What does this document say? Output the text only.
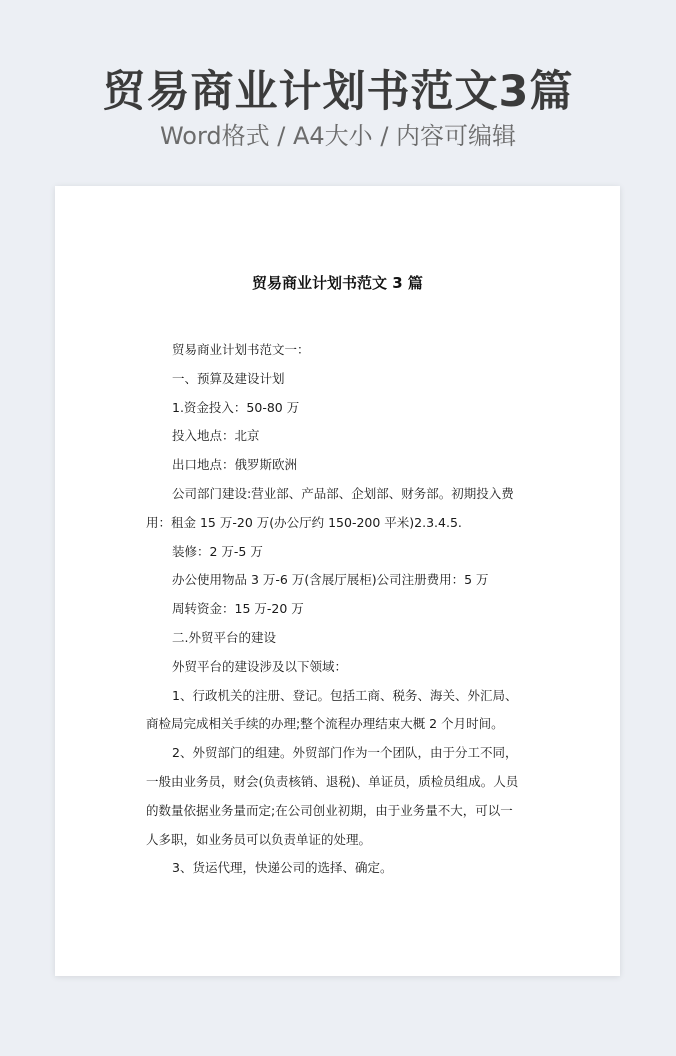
贸易商业计划书范文3篇
Word格式 / A4大小 / 内容可编辑
贸易商业计划书范文 3 篇

贸易商业计划书范文一：

一、预算及建设计划

1.资金投入：50-80 万

投入地点：北京

出口地点：俄罗斯欧洲

公司部门建设:营业部、产品部、企划部、财务部。初期投入费

用：租金 15 万-20 万(办公厅约 150-200 平米)2.3.4.5.

装修：2 万-5 万

办公使用物品 3 万-6 万(含展厅展柜)公司注册费用：5 万

周转资金：15 万-20 万

二.外贸平台的建设

外贸平台的建设涉及以下领域：

1、行政机关的注册、登记。包括工商、税务、海关、外汇局、

商检局完成相关手续的办理;整个流程办理结束大概 2 个月时间。

2、外贸部门的组建。外贸部门作为一个团队，由于分工不同，

一般由业务员，财会(负责核销、退税)、单证员，质检员组成。人员

的数量依据业务量而定;在公司创业初期，由于业务量不大，可以一

人多职，如业务员可以负责单证的处理。

3、货运代理，快递公司的选择、确定。
